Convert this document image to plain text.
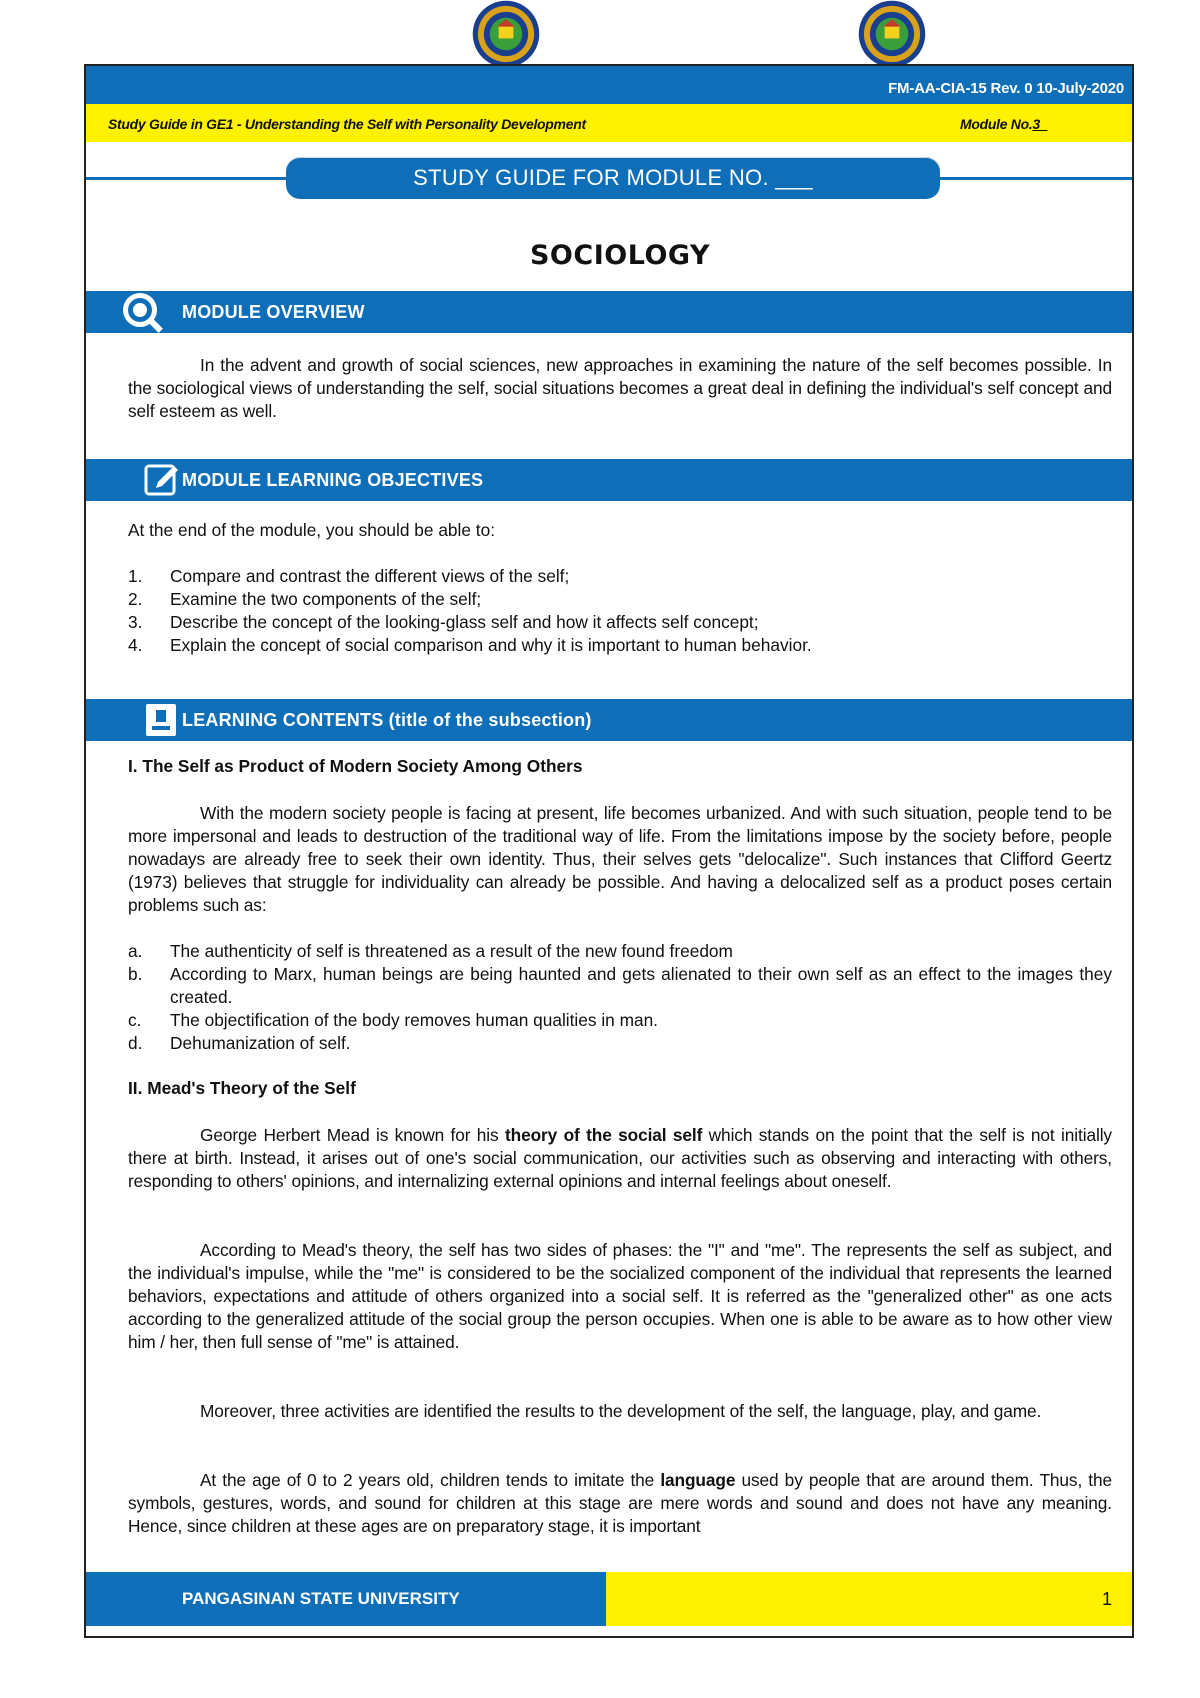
FM-AA-CIA-15 Rev. 0 10-July-2020
Study Guide in GE1 - Understanding the Self with Personality Development	Module No.3_
STUDY GUIDE FOR MODULE NO. ___
SOCIOLOGY
MODULE OVERVIEW
In the advent and growth of social sciences, new approaches in examining the nature of the self becomes possible. In the sociological views of understanding the self, social situations becomes a great deal in defining the individual's self concept and self esteem as well.
MODULE LEARNING OBJECTIVES
At the end of the module, you should be able to:
1.	Compare and contrast the different views of the self;
2.	Examine the two components of the self;
3.	Describe the concept of the looking-glass self and how it affects self concept;
4.	Explain the concept of social comparison and why it is important to human behavior.
LEARNING CONTENTS (title of the subsection)
I. The Self as Product of Modern Society Among Others
With the modern society people is facing at present, life becomes urbanized. And with such situation, people tend to be more impersonal and leads to destruction of the traditional way of life. From the limitations impose by the society before, people nowadays are already free to seek their own identity. Thus, their selves gets "delocalize". Such instances that Clifford Geertz (1973) believes that struggle for individuality can already be possible. And having a delocalized self as a product poses certain problems such as:
a.	The authenticity of self is threatened as a result of the new found freedom
b.	According to Marx, human beings are being haunted and gets alienated to their own self as an effect to the images they created.
c.	The objectification of the body removes human qualities in man.
d.	Dehumanization of self.
II. Mead's Theory of the Self
George Herbert Mead is known for his theory of the social self which stands on the point that the self is not initially there at birth. Instead, it arises out of one's social communication, our activities such as observing and interacting with others, responding to others' opinions, and internalizing external opinions and internal feelings about oneself.
According to Mead's theory, the self has two sides of phases: the "I" and "me". The represents the self as subject, and the individual's impulse, while the "me" is considered to be the socialized component of the individual that represents the learned behaviors, expectations and attitude of others organized into a social self. It is referred as the "generalized other" as one acts according to the generalized attitude of the social group the person occupies. When one is able to be aware as to how other view him / her, then full sense of "me" is attained.
Moreover, three activities are identified the results to the development of the self, the language, play, and game.
At the age of 0 to 2 years old, children tends to imitate the language used by people that are around them. Thus, the symbols, gestures, words, and sound for children at this stage are mere words and sound and does not have any meaning. Hence, since children at these ages are on preparatory stage, it is important
PANGASINAN STATE UNIVERSITY	1
